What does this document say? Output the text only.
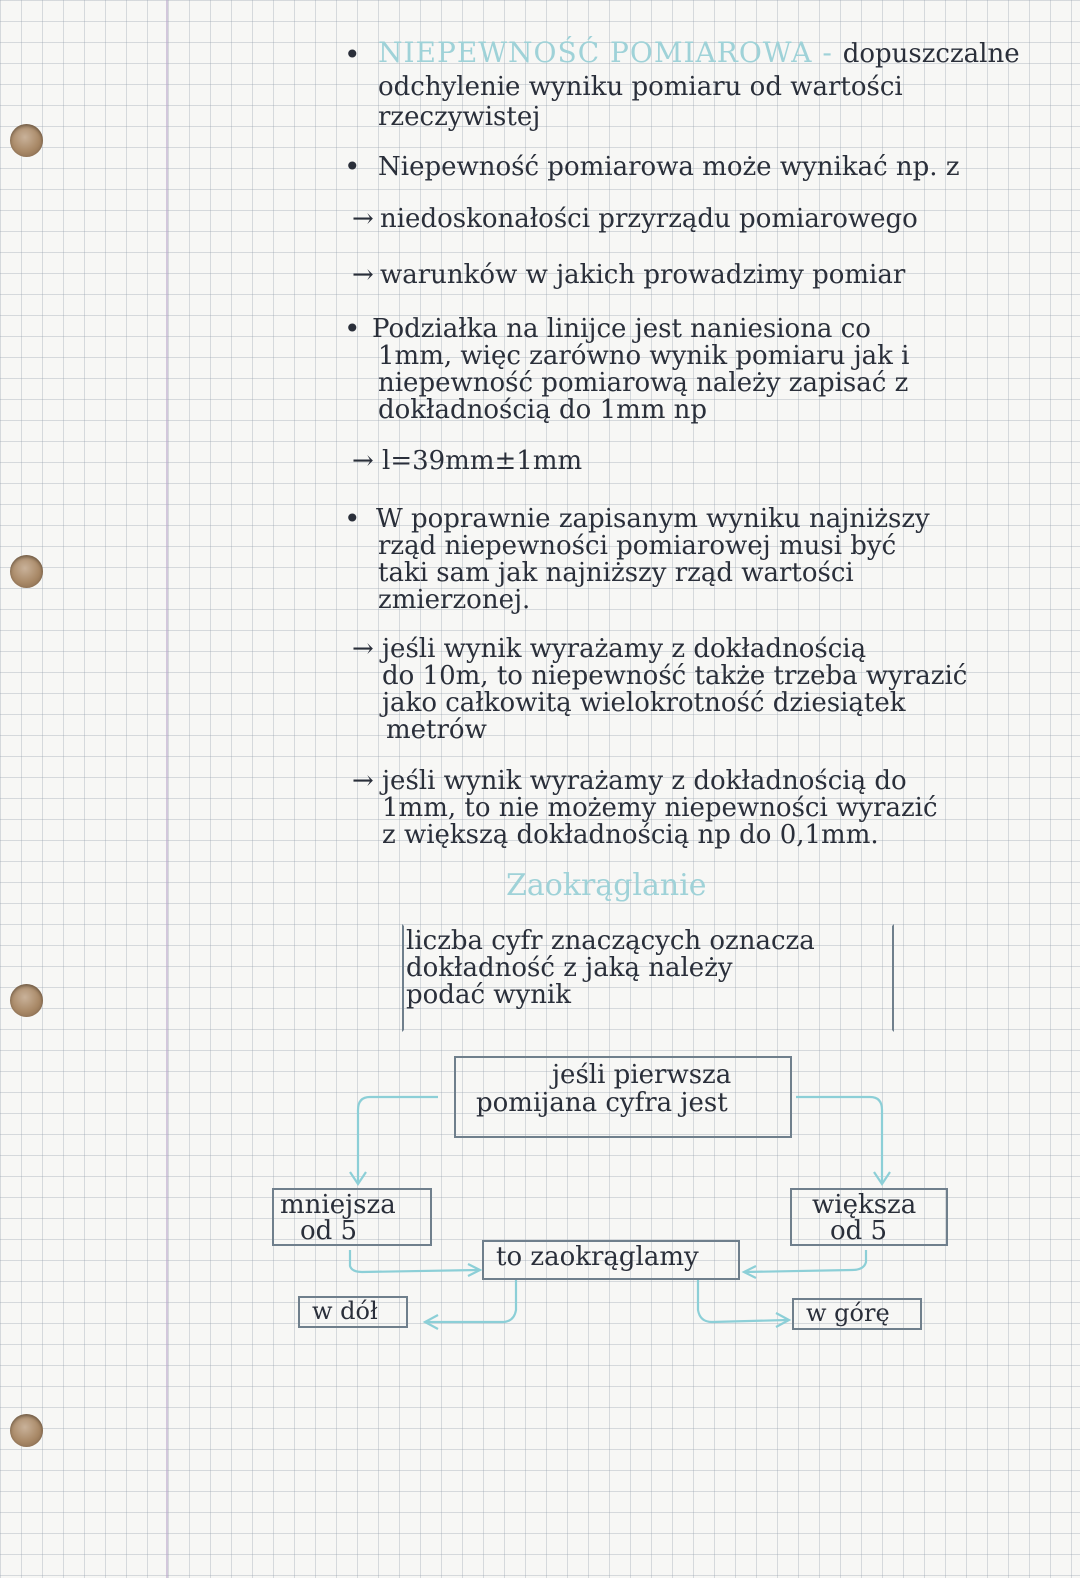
• NIEPEWNOŚĆ POMIAROWA - dopuszczalne
odchylenie wyniku pomiaru od wartości
rzeczywistej
• Niepewność pomiarowa może wynikać np. z
→ niedoskonałości przyrządu pomiarowego
→ warunków w jakich prowadzimy pomiar
• Podziałka na linijce jest naniesiona co
1mm, więc zarówno wynik pomiaru jak i
niepewność pomiarową należy zapisać z
dokładnością do 1mm np
→ l=39mm±1mm
• W poprawnie zapisanym wyniku najniższy
rząd niepewności pomiarowej musi być
taki sam jak najniższy rząd wartości
zmierzonej.
→ jeśli wynik wyrażamy z dokładnością
do 10m, to niepewność także trzeba wyrazić
jako całkowitą wielokrotność dziesiątek
metrów
→ jeśli wynik wyrażamy z dokładnością do
1mm, to nie możemy niepewności wyrazić
z większą dokładnością np do 0,1mm.
Zaokrąglanie
liczba cyfr znaczących oznacza
dokładność z jaką należy
podać wynik
jeśli pierwsza
pomijana cyfra jest
mniejsza
od 5
większa
od 5
to zaokrąglamy
w dół	w górę
